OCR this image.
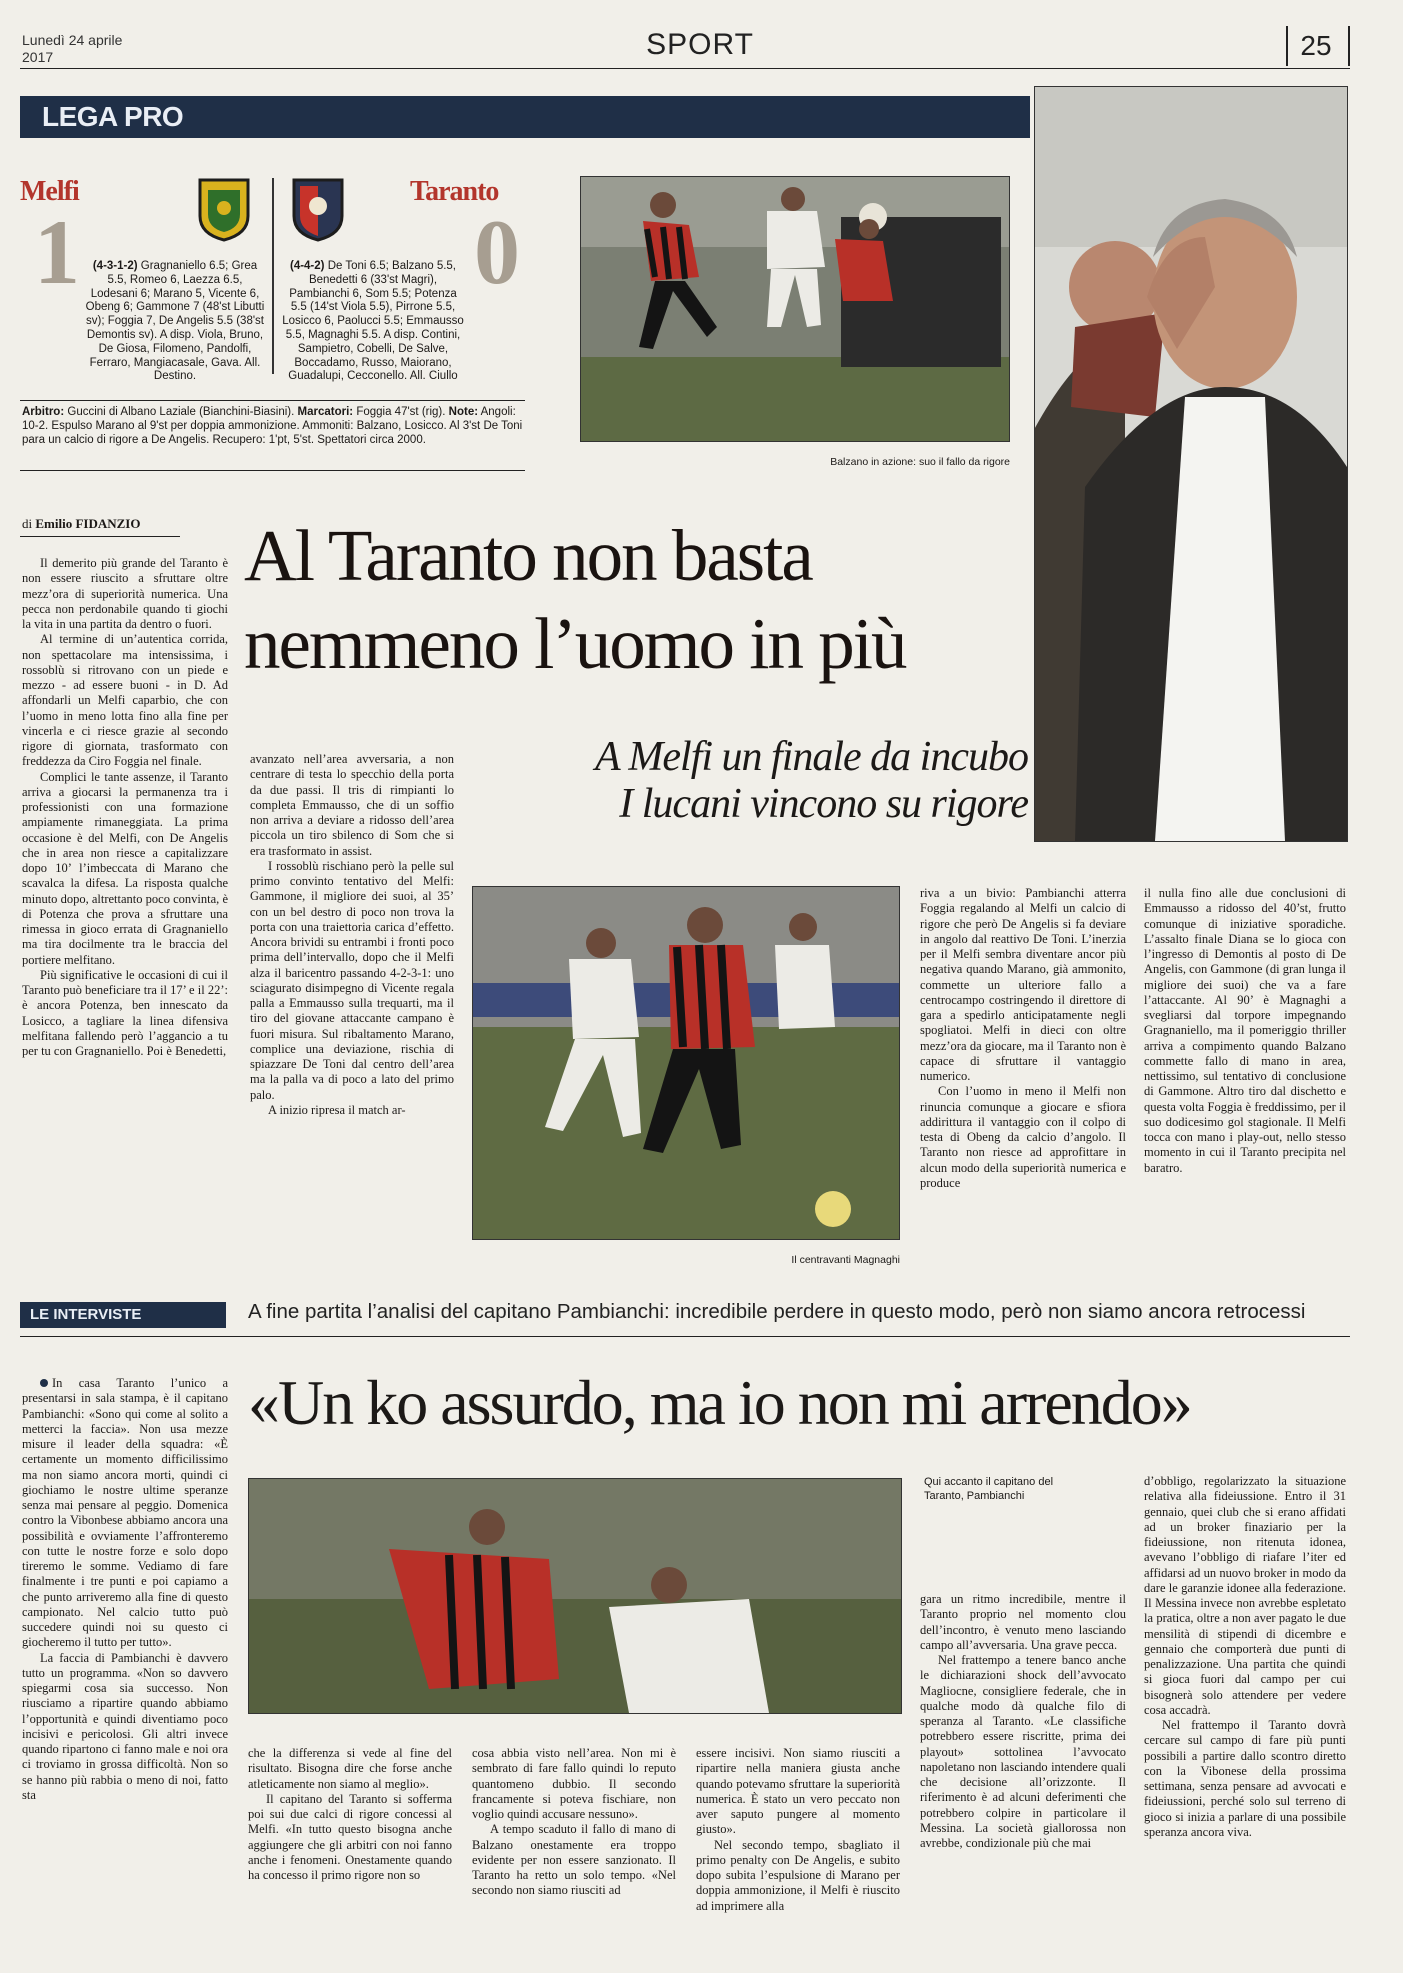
Lunedì 24 aprile
2017	SPORT	25
LEGA PRO
Melfi
1
Taranto
0
(4-3-1-2) Gragnaniello 6.5; Grea 5.5, Romeo 6, Laezza 6.5, Lodesani 6; Marano 5, Vicente 6, Obeng 6; Gammone 7 (48'st Libutti sv); Foggia 7, De Angelis 5.5 (38'st Demontis sv). A disp. Viola, Bruno, De Giosa, Filomeno, Pandolfi, Ferraro, Mangiacasale, Gava. All. Destino.
(4-4-2) De Toni 6.5; Balzano 5.5, Benedetti 6 (33'st Magri), Pambianchi 6, Som 5.5; Potenza 5.5 (14'st Viola 5.5), Pirrone 5.5, Losicco 6, Paolucci 5.5; Emmausso 5.5, Magnaghi 5.5. A disp. Contini, Sampietro, Cobelli, De Salve, Boccadamo, Russo, Maiorano, Guadalupi, Cecconello. All. Ciullo
Arbitro: Guccini di Albano Laziale (Bianchini-Biasini). Marcatori: Foggia 47'st (rig). Note: Angoli: 10-2. Espulso Marano al 9'st per doppia ammonizione. Ammoniti: Balzano, Losicco. Al 3'st De Toni para un calcio di rigore a De Angelis. Recupero: 1'pt, 5'st. Spettatori circa 2000.
Balzano in azione: suo il fallo da rigore
di Emilio FIDANZIO Al Taranto non basta
nemmeno l’uomo in più
A Melfi un finale da incubo
I lucani vincono su rigore

Il demerito più grande del Taranto è non essere riuscito a sfruttare oltre mezz’ora di superiorità numerica. Una pecca non perdonabile quando ti giochi la vita in una partita da dentro o fuori.

Al termine di un’autentica corrida, non spettacolare ma intensissima, i rossoblù si ritrovano con un piede e mezzo - ad essere buoni - in D. Ad affondarli un Melfi caparbio, che con l’uomo in meno lotta fino alla fine per vincerla e ci riesce grazie al secondo rigore di giornata, trasformato con freddezza da Ciro Foggia nel finale.

Complici le tante assenze, il Taranto arriva a giocarsi la permanenza tra i professionisti con una formazione ampiamente rimaneggiata. La prima occasione è del Melfi, con De Angelis che in area non riesce a capitalizzare dopo 10’ l’imbeccata di Marano che scavalca la difesa. La risposta qualche minuto dopo, altrettanto poco convinta, è di Potenza che prova a sfruttare una rimessa in gioco errata di Gragnaniello ma tira docilmente tra le braccia del portiere melfitano.

Più significative le occasioni di cui il Taranto può beneficiare tra il 17’ e il 22’: è ancora Potenza, ben innescato da Losicco, a tagliare la linea difensiva melfitana fallendo però l’aggancio a tu per tu con Gragnaniello. Poi è Benedetti,

avanzato nell’area avversaria, a non centrare di testa lo specchio della porta da due passi. Il tris di rimpianti lo completa Emmausso, che di un soffio non arriva a deviare a ridosso dell’area piccola un tiro sbilenco di Som che si era trasformato in assist.

I rossoblù rischiano però la pelle sul primo convinto tentativo del Melfi: Gammone, il migliore dei suoi, al 35’ con un bel destro di poco non trova la porta con una traiettoria carica d’effetto. Ancora brividi su entrambi i fronti poco prima dell’intervallo, dopo che il Melfi alza il baricentro passando 4-2-3-1: uno sciagurato disimpegno di Vicente regala palla a Emmausso sulla trequarti, ma il tiro del giovane attaccante campano è fuori misura. Sul ribaltamento Marano, complice una deviazione, rischia di spiazzare De Toni dal centro dell’area ma la palla va di poco a lato del primo palo.

A inizio ripresa il match ar-

Il centravanti Magnaghi

riva a un bivio: Pambianchi atterra Foggia regalando al Melfi un calcio di rigore che però De Angelis si fa deviare in angolo dal reattivo De Toni. L’inerzia per il Melfi sembra diventare ancor più negativa quando Marano, già ammonito, commette un ulteriore fallo a centrocampo costringendo il direttore di gara a spedirlo anticipatamente negli spogliatoi. Melfi in dieci con oltre mezz’ora da giocare, ma il Taranto non è capace di sfruttare il vantaggio numerico.

Con l’uomo in meno il Melfi non rinuncia comunque a giocare e sfiora addirittura il vantaggio con il colpo di testa di Obeng da calcio d’angolo. Il Taranto non riesce ad approfittare in alcun modo della superiorità numerica e produce

il nulla fino alle due conclusioni di Emmausso a ridosso del 40’st, frutto comunque di iniziative sporadiche. L’assalto finale Diana se lo gioca con l’ingresso di Demontis al posto di De Angelis, con Gammone (di gran lunga il migliore dei suoi) che va a fare l’attaccante. Al 90’ è Magnaghi a svegliarsi dal torpore impegnando Gragnaniello, ma il pomeriggio thriller arriva a compimento quando Balzano commette fallo di mano in area, nettissimo, sul tentativo di conclusione di Gammone. Altro tiro dal dischetto e questa volta Foggia è freddissimo, per il suo dodicesimo gol stagionale. Il Melfi tocca con mano i play-out, nello stesso momento in cui il Taranto precipita nel baratro.

LE INTERVISTE	A fine partita l’analisi del capitano Pambianchi: incredibile perdere in questo modo, però non siamo ancora retrocessi
«Un ko assurdo, ma io non mi arrendo»
Qui accanto il capitano del Taranto, Pambianchi

In casa Taranto l’unico a presentarsi in sala stampa, è il capitano Pambianchi: «Sono qui come al solito a metterci la faccia». Non usa mezze misure il leader della squadra: «È certamente un momento difficilissimo ma non siamo ancora morti, quindi ci giochiamo le nostre ultime speranze senza mai pensare al peggio. Domenica contro la Vibonbese abbiamo ancora una possibilità e ovviamente l’affronteremo con tutte le nostre forze e solo dopo tireremo le somme. Vediamo di fare finalmente i tre punti e poi capiamo a che punto arriveremo alla fine di questo campionato. Nel calcio tutto può succedere quindi noi su questo ci giocheremo il tutto per tutto».

La faccia di Pambianchi è davvero tutto un programma. «Non so davvero spiegarmi cosa sia successo. Non riusciamo a ripartire quando abbiamo l’opportunità e quindi diventiamo poco incisivi e pericolosi. Gli altri invece quando ripartono ci fanno male e noi ora ci troviamo in grossa difficoltà. Non so se hanno più rabbia o meno di noi, fatto sta

che la differenza si vede al fine del risultato. Bisogna dire che forse anche atleticamente non siamo al meglio».

Il capitano del Taranto si sofferma poi sui due calci di rigore concessi al Melfi. «In tutto questo bisogna anche aggiungere che gli arbitri con noi fanno anche i fenomeni. Onestamente quando ha concesso il primo rigore non so

cosa abbia visto nell’area. Non mi è sembrato di fare fallo quindi lo reputo quantomeno dubbio. Il secondo francamente si poteva fischiare, non voglio quindi accusare nessuno».

A tempo scaduto il fallo di mano di Balzano onestamente era troppo evidente per non essere sanzionato. Il Taranto ha retto un solo tempo. «Nel secondo non siamo riusciti ad

essere incisivi. Non siamo riusciti a ripartire nella maniera giusta anche quando potevamo sfruttare la superiorità numerica. È stato un vero peccato non aver saputo pungere al momento giusto».

Nel secondo tempo, sbagliato il primo penalty con De Angelis, e subito dopo subita l’espulsione di Marano per doppia ammonizione, il Melfi è riuscito ad imprimere alla

gara un ritmo incredibile, mentre il Taranto proprio nel momento clou dell’incontro, è venuto meno lasciando campo all’avversaria. Una grave pecca.

Nel frattempo a tenere banco anche le dichiarazioni shock dell’avvocato Magliocne, consigliere federale, che in qualche modo dà qualche filo di speranza al Taranto. «Le classifiche potrebbero essere riscritte, prima dei playout» sottolinea l’avvocato napoletano non lasciando intendere quali che decisione all’orizzonte. Il riferimento è ad alcuni deferimenti che potrebbero colpire in particolare il Messina. La società giallorossa non avrebbe, condizionale più che mai

d’obbligo, regolarizzato la situazione relativa alla fideiussione. Entro il 31 gennaio, quei club che si erano affidati ad un broker finaziario per la fideiussione, non ritenuta idonea, avevano l’obbligo di riafare l’iter ed affidarsi ad un nuovo broker in modo da dare le garanzie idonee alla federazione. Il Messina invece non avrebbe espletato la pratica, oltre a non aver pagato le due mensilità di stipendi di dicembre e gennaio che comporterà due punti di penalizzazione. Una partita che quindi si gioca fuori dal campo per cui bisognerà solo attendere per vedere cosa accadrà.

Nel frattempo il Taranto dovrà cercare sul campo di fare più punti possibili a partire dallo scontro diretto con la Vibonese della prossima settimana, senza pensare ad avvocati e fideiussioni, perché solo sul terreno di gioco si inizia a parlare di una possibile speranza ancora viva.
